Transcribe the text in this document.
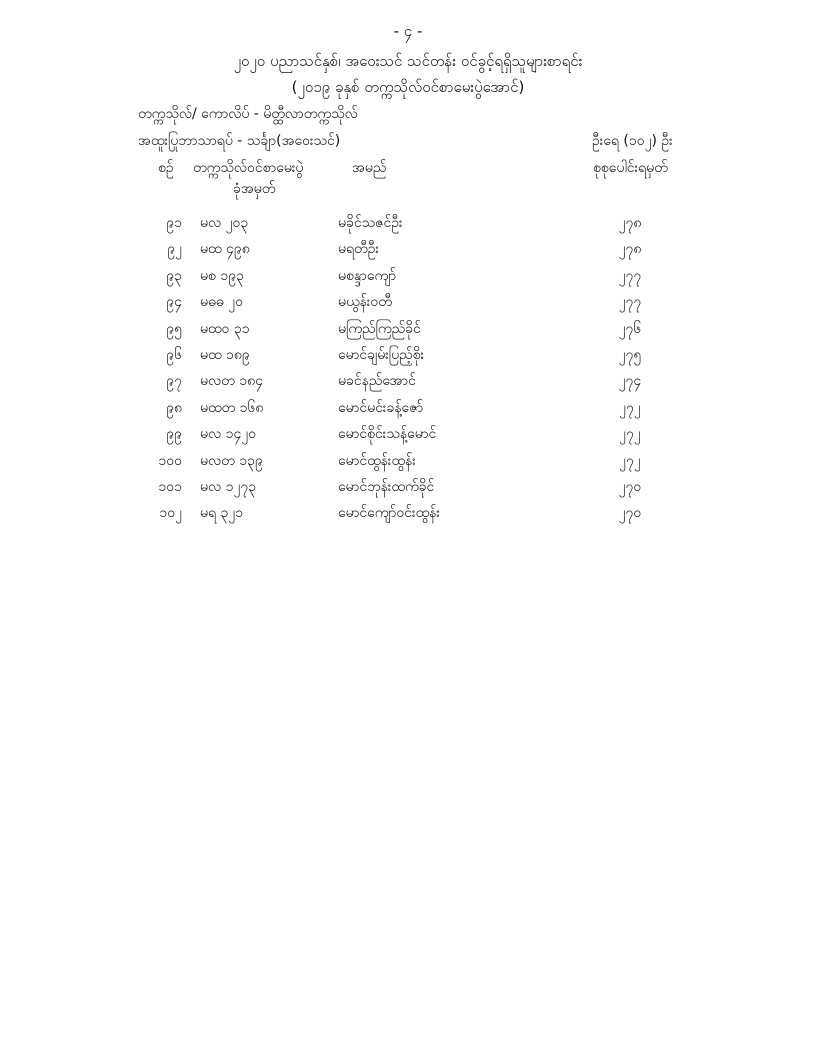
- ၄ -
၂၀၂၀ ပညာသင်နှစ်၊ အဝေးသင် သင်တန်း ဝင်ခွင့်ရရှိသူများစာရင်း
(၂၀၁၉ ခုနှစ် တက္ကသိုလ်ဝင်စာမေးပွဲအောင်)
တက္ကသိုလ်/ ကောလိပ် - မိတ္ထီလာတက္ကသိုလ်
အထူးပြုဘာသာရပ် - သင်္ချာ(အဝေးသင်)	ဦးရေ (၁၀၂) ဦး
စဥ် တက္ကသိုလ်ဝင်စာမေးပွဲ
ခုံအမှတ်
အမည်	စုစုပေါင်းရမှတ်
၉၁ မလ ၂၀၃	မခိုင်သဇင်ဦး	၂၇၈
၉၂ မထ ၄၉၈	မရတီဦး	၂၇၈
၉၃ မစ ၁၉၃	မစန္ဒာကျော်	၂၇၇
၉၄ မဓဓ ၂၀	မယွန်းဝတီ	၂၇၇
၉၅ မထဝ ၃၁	မကြည်ကြည်ခိုင်	၂၇၆
၉၆ မထ ၁၈၉	မောင်ချမ်းပြည့်စိုး	၂၇၅
၉၇ မလတ ၁၈၄	မခင်နည်အောင်	၂၇၄
၉၈ မထတ ၁၆၈	မောင်မင်းခန့်ဇော်	၂၇၂
၉၉ မလ ၁၄၂၀	မောင်စိုင်းသန့်မောင်	၂၇၂
၁၀၀ မလတ ၁၃၉	မောင်ထွန်းထွန်း	၂၇၂
၁၀၁ မလ ၁၂၇၃	မောင်ဘုန်းထက်ခိုင်	၂၇၀
၁၀၂ မရ ၃၂၁	မောင်ကျော်ဝင်းထွန်း	၂၇၀
